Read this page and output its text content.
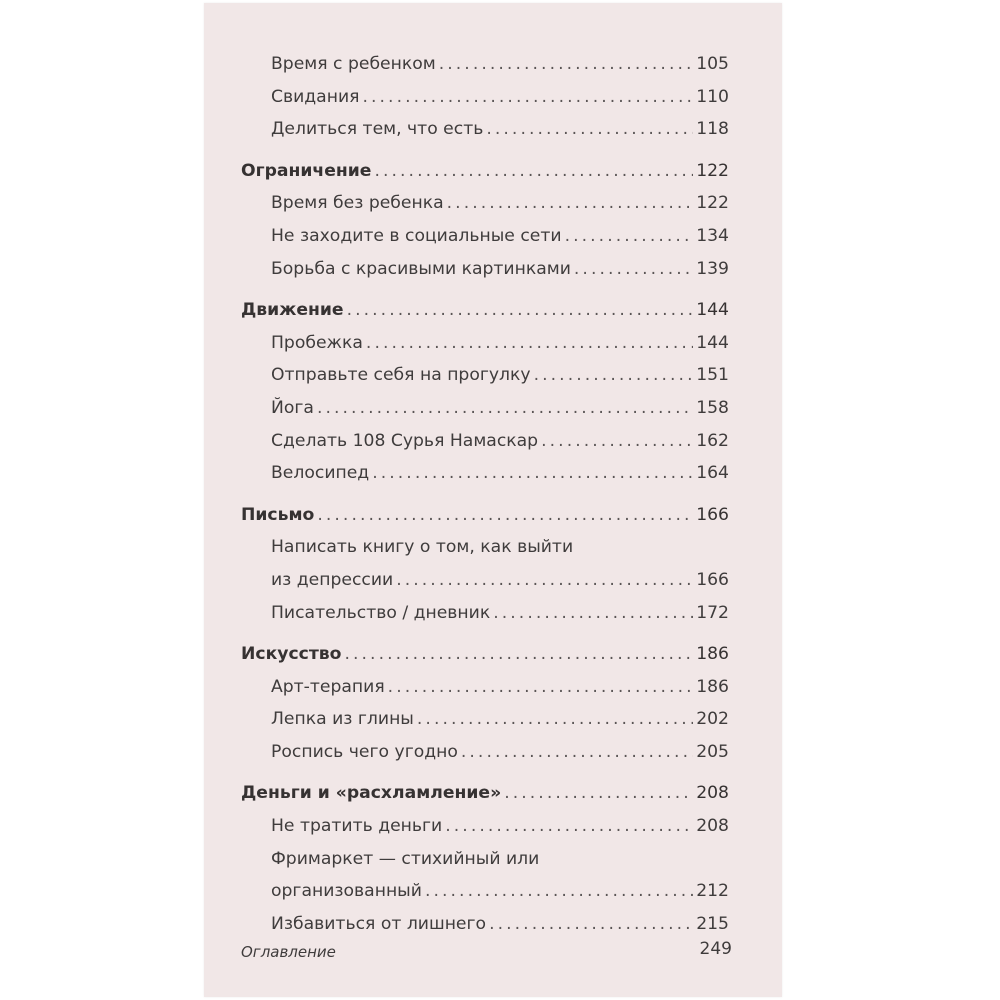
Время с ребенком . . .	105
Свидания . . .	110
Делиться тем, что есть . . .	118
Ограничение . . .	122
Время без ребенка . . .	122
Не заходите в социальные сети . . .	134
Борьба с красивыми картинками . . .	139
Движение . . .	144
Пробежка . . .	144
Отправьте себя на прогулку . . .	151
Йога . . .	158
Сделать 108 Сурья Намаскар . . .	162
Велосипед . . .	164
Письмо . . .	166
Написать книгу о том, как выйти
из депрессии . . .	166
Писательство / дневник . . .	172
Искусство . . .	186
Арт-терапия . . .	186
Лепка из глины . . .	202
Роспись чего угодно . . .	205
Деньги и «расхламление» . . .	208
Не тратить деньги . . .	208
Фримаркет — стихийный или
организованный . . .	212
Избавиться от лишнего . . .	215
Оглавление	249
